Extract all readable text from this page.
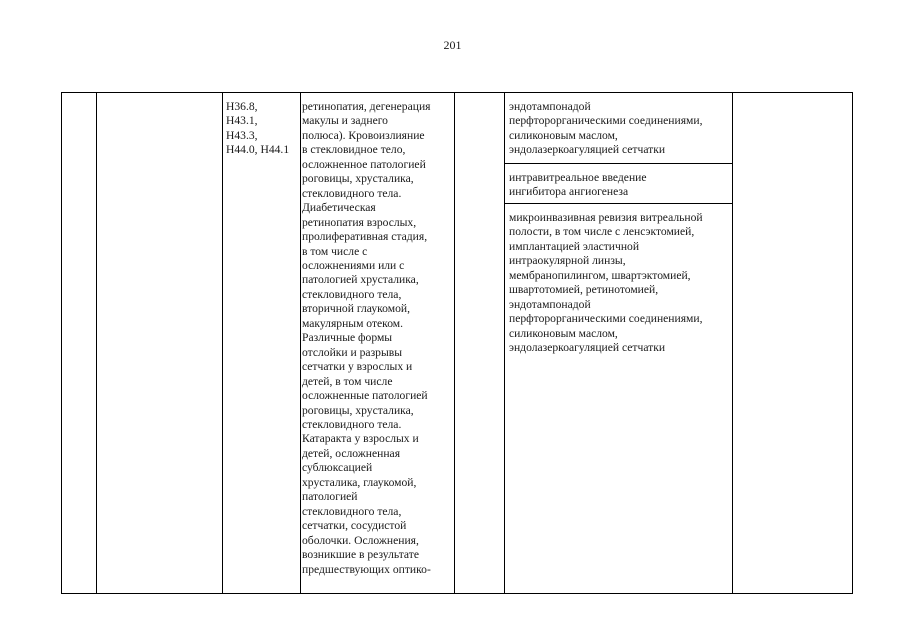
201
H36.8,
H43.1,
H43.3,
H44.0, H44.1
ретинопатия, дегенерация
макулы и заднего
полюса). Кровоизлияние
в стекловидное тело,
осложненное патологией
роговицы, хрусталика,
стекловидного тела.
Диабетическая
ретинопатия взрослых,
пролиферативная стадия,
в том числе с
осложнениями или с
патологией хрусталика,
стекловидного тела,
вторичной глаукомой,
макулярным отеком.
Различные формы
отслойки и разрывы
сетчатки у взрослых и
детей, в том числе
осложненные патологией
роговицы, хрусталика,
стекловидного тела.
Катаракта у взрослых и
детей, осложненная
сублюксацией
хрусталика, глаукомой,
патологией
стекловидного тела,
сетчатки, сосудистой
оболочки. Осложнения,
возникшие в результате
предшествующих оптико-
эндотампонадой
перфторорганическими соединениями,
силиконовым маслом,
эндолазеркоагуляцией сетчатки
интравитреальное введение
ингибитора ангиогенеза
микроинвазивная ревизия витреальной
полости, в том числе с ленсэктомией,
имплантацией эластичной
интраокулярной линзы,
мембранопилингом, швартэктомией,
швартотомией, ретинотомией,
эндотампонадой
перфторорганическими соединениями,
силиконовым маслом,
эндолазеркоагуляцией сетчатки
